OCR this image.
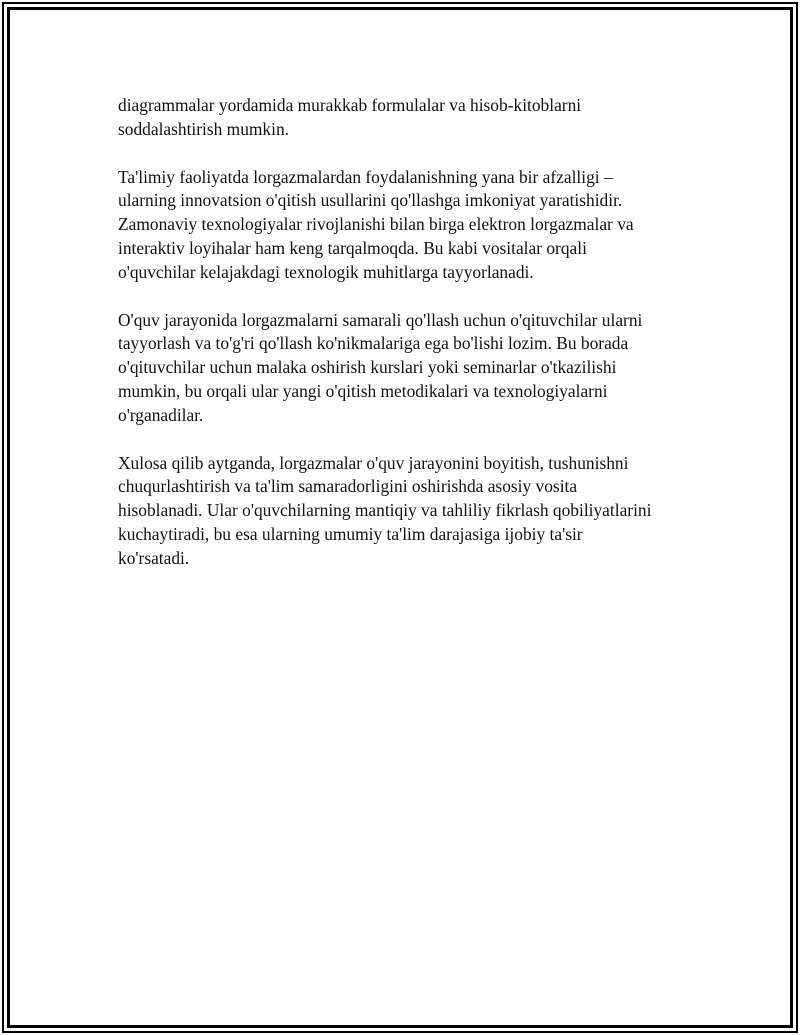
diagrammalar yordamida murakkab formulalar va hisob-kitoblarni
soddalashtirish mumkin.

Ta'limiy faoliyatda lorgazmalardan foydalanishning yana bir afzalligi –
ularning innovatsion o'qitish usullarini qo'llashga imkoniyat yaratishidir.
Zamonaviy texnologiyalar rivojlanishi bilan birga elektron lorgazmalar va
interaktiv loyihalar ham keng tarqalmoqda. Bu kabi vositalar orqali
o'quvchilar kelajakdagi texnologik muhitlarga tayyorlanadi.

O'quv jarayonida lorgazmalarni samarali qo'llash uchun o'qituvchilar ularni
tayyorlash va to'g'ri qo'llash ko'nikmalariga ega bo'lishi lozim. Bu borada
o'qituvchilar uchun malaka oshirish kurslari yoki seminarlar o'tkazilishi
mumkin, bu orqali ular yangi o'qitish metodikalari va texnologiyalarni
o'rganadilar.

Xulosa qilib aytganda, lorgazmalar o'quv jarayonini boyitish, tushunishni
chuqurlashtirish va ta'lim samaradorligini oshirishda asosiy vosita
hisoblanadi. Ular o'quvchilarning mantiqiy va tahliliy fikrlash qobiliyatlarini
kuchaytiradi, bu esa ularning umumiy ta'lim darajasiga ijobiy ta'sir
ko'rsatadi.
